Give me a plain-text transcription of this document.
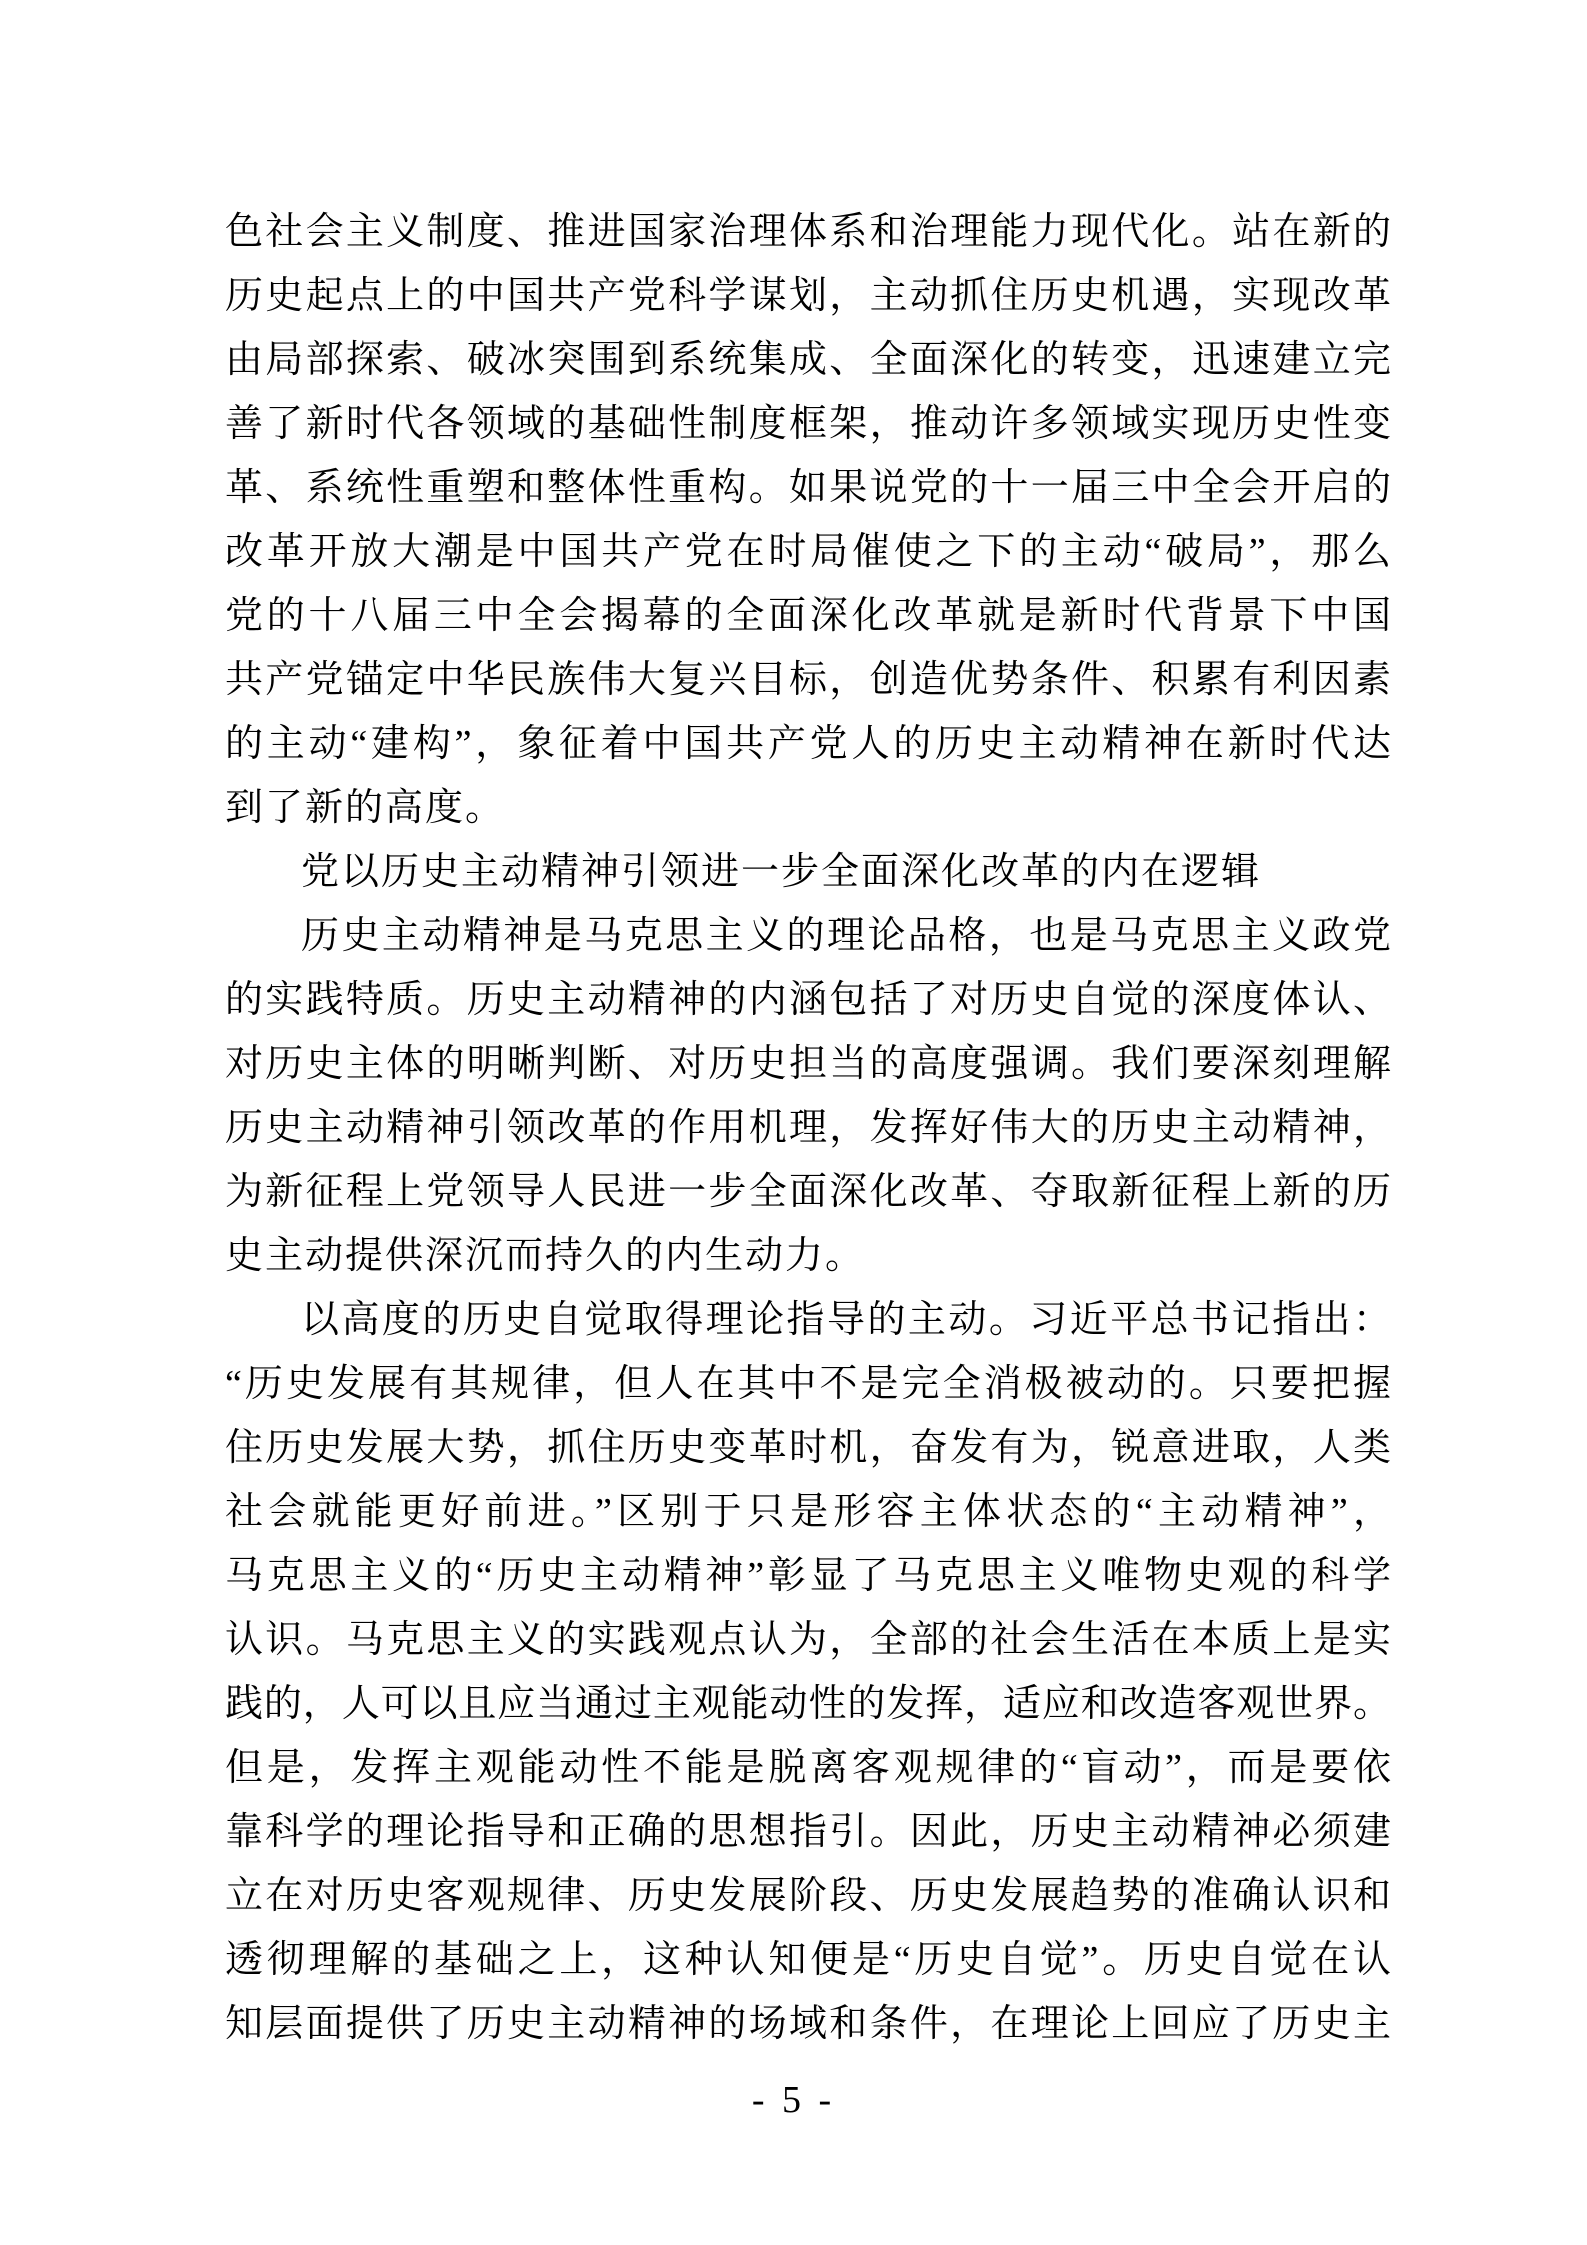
色社会主义制度、推进国家治理体系和治理能力现代化。站在新的
历史起点上的中国共产党科学谋划，主动抓住历史机遇，实现改革
由局部探索、破冰突围到系统集成、全面深化的转变，迅速建立完
善了新时代各领域的基础性制度框架，推动许多领域实现历史性变
革、系统性重塑和整体性重构。如果说党的十一届三中全会开启的
改革开放大潮是中国共产党在时局催使之下的主动“破局”，那么
党的十八届三中全会揭幕的全面深化改革就是新时代背景下中国
共产党锚定中华民族伟大复兴目标，创造优势条件、积累有利因素
的主动“建构”，象征着中国共产党人的历史主动精神在新时代达
到了新的高度。
党以历史主动精神引领进一步全面深化改革的内在逻辑
历史主动精神是马克思主义的理论品格，也是马克思主义政党
的实践特质。历史主动精神的内涵包括了对历史自觉的深度体认、
对历史主体的明晰判断、对历史担当的高度强调。我们要深刻理解
历史主动精神引领改革的作用机理，发挥好伟大的历史主动精神，
为新征程上党领导人民进一步全面深化改革、夺取新征程上新的历
史主动提供深沉而持久的内生动力。
以高度的历史自觉取得理论指导的主动。习近平总书记指出：
“历史发展有其规律，但人在其中不是完全消极被动的。只要把握
住历史发展大势，抓住历史变革时机，奋发有为，锐意进取，人类
社会就能更好前进。”区别于只是形容主体状态的“主动精神”，
马克思主义的“历史主动精神”彰显了马克思主义唯物史观的科学
认识。马克思主义的实践观点认为，全部的社会生活在本质上是实
践的，人可以且应当通过主观能动性的发挥，适应和改造客观世界。
但是，发挥主观能动性不能是脱离客观规律的“盲动”，而是要依
靠科学的理论指导和正确的思想指引。因此，历史主动精神必须建
立在对历史客观规律、历史发展阶段、历史发展趋势的准确认识和
透彻理解的基础之上，这种认知便是“历史自觉”。历史自觉在认
知层面提供了历史主动精神的场域和条件，在理论上回应了历史主
- 5 -
